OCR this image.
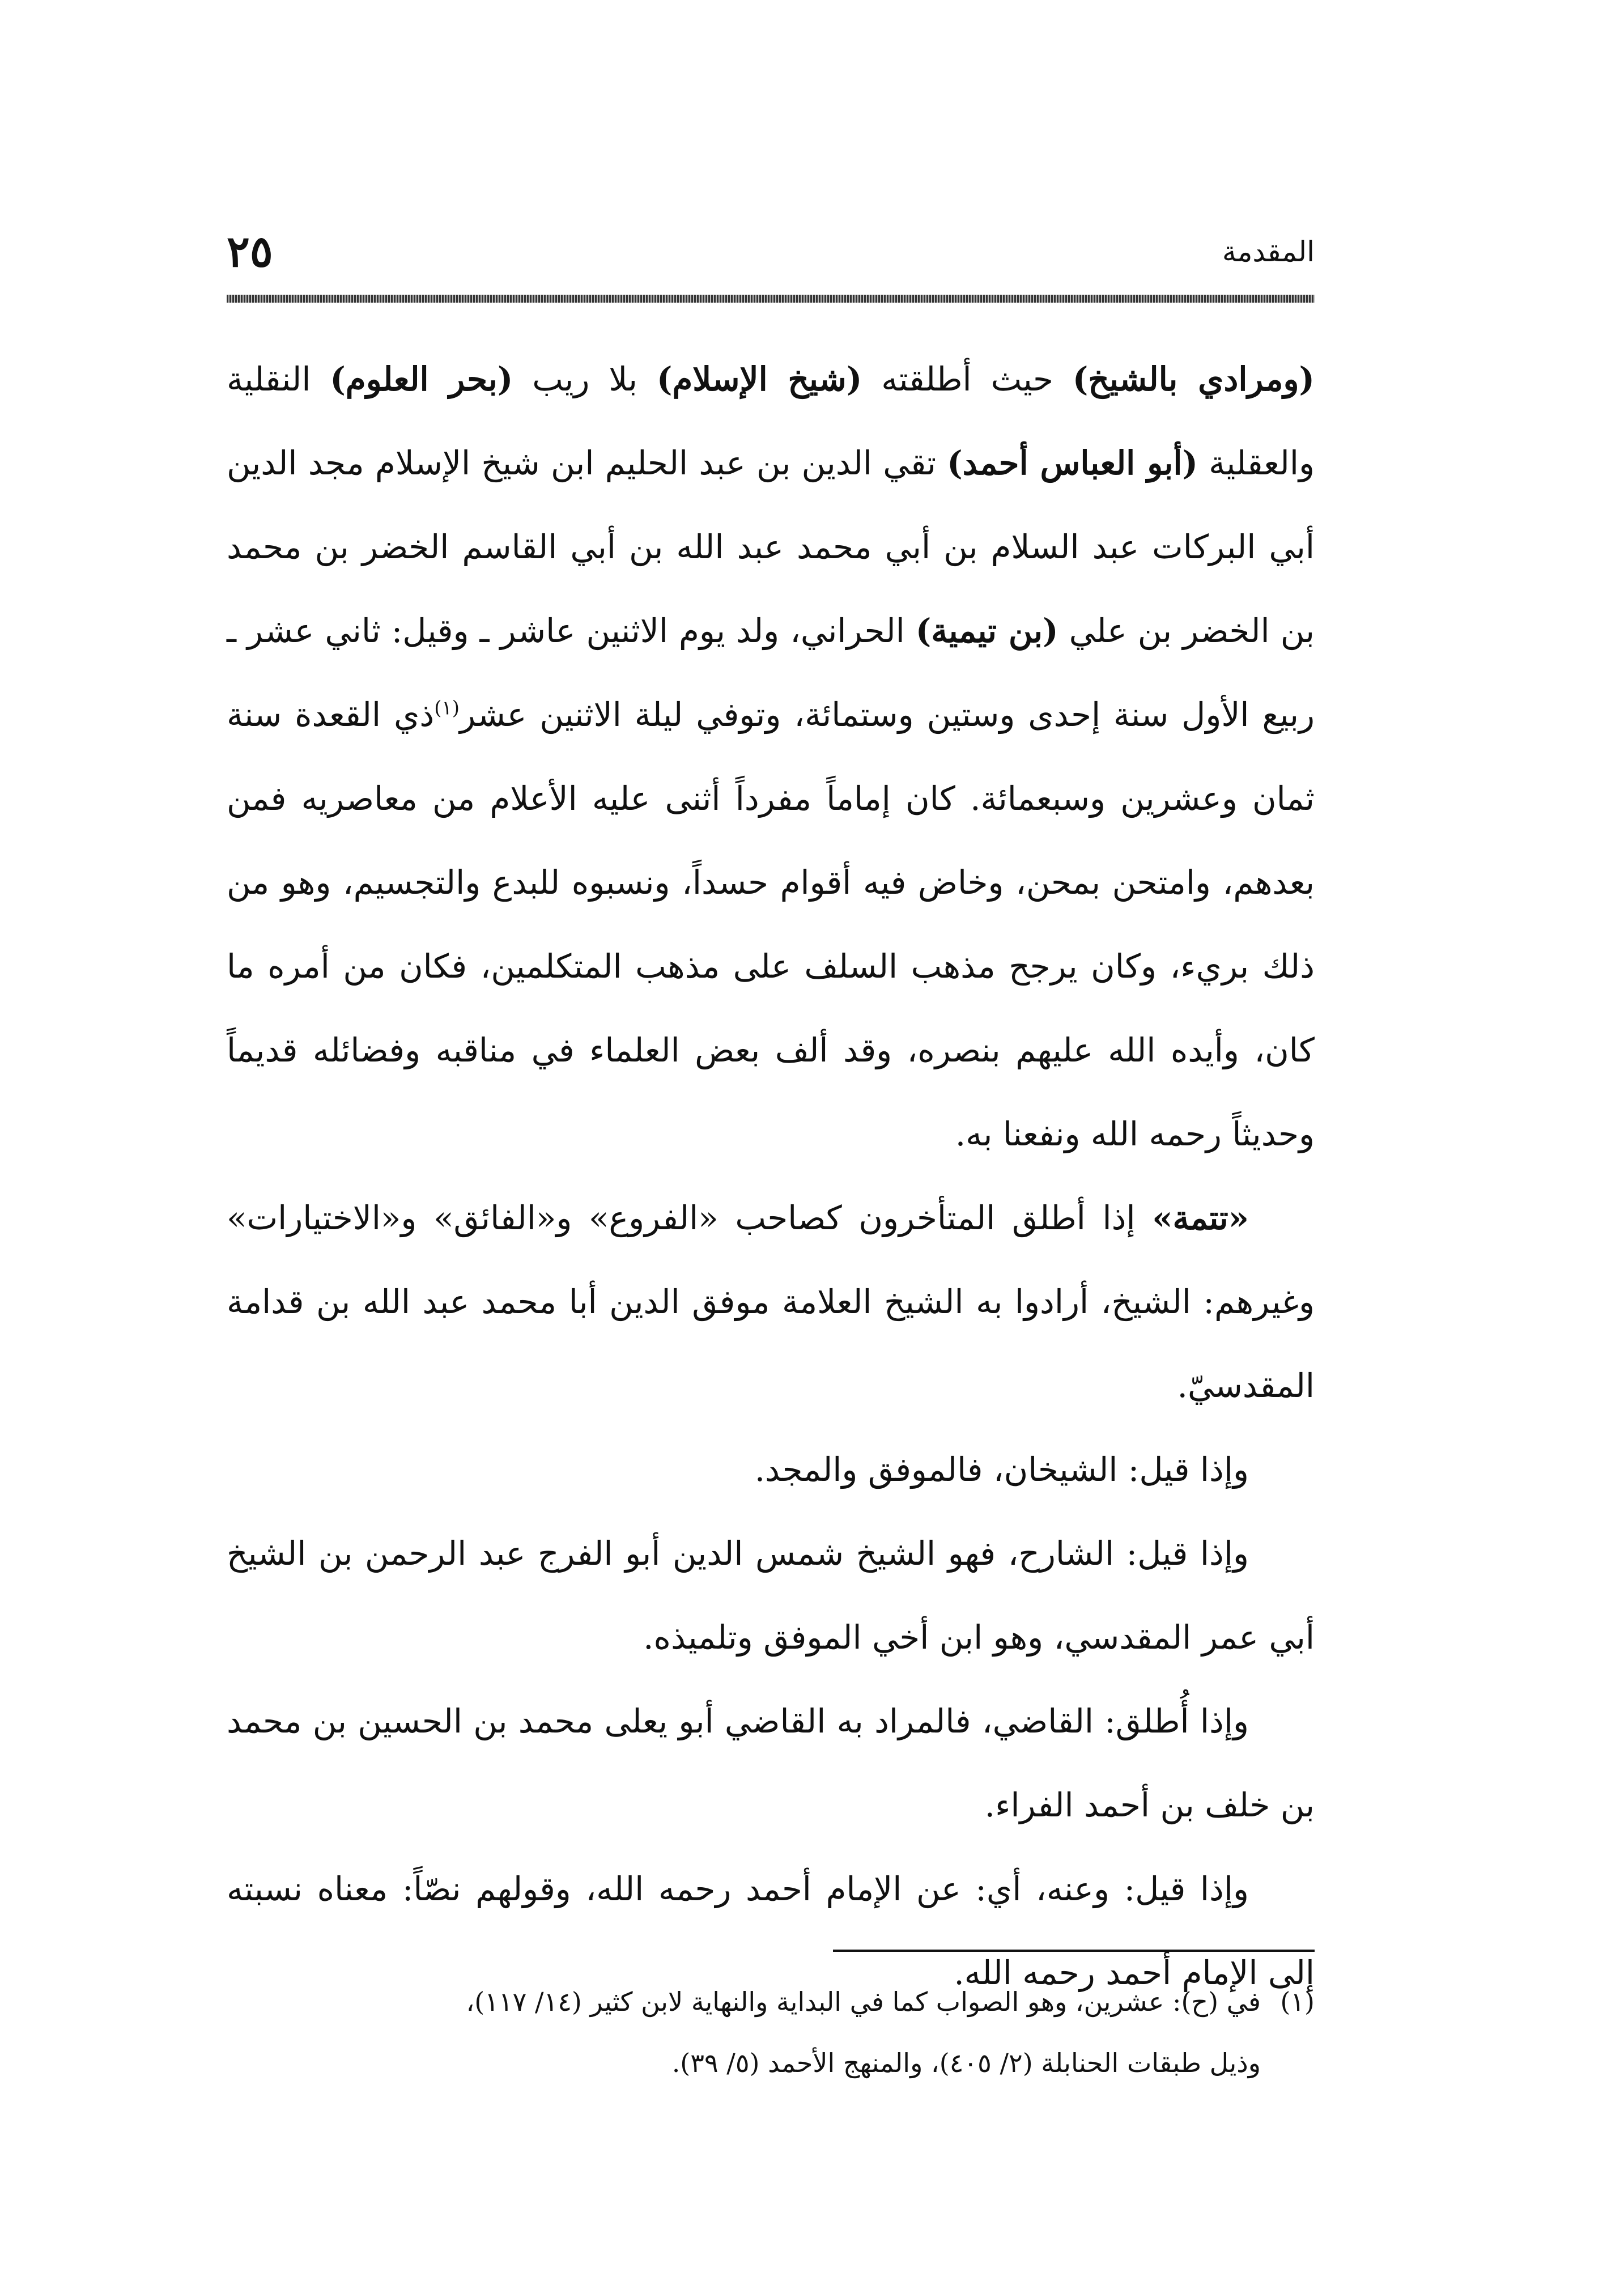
المقدمة
٢٥

(ومرادي بالشيخ) حيث أطلقته (شيخ الإسلام) بلا ريب (بحر العلوم) النقلية والعقلية (أبو العباس أحمد) تقي الدين بن عبد الحليم ابن شيخ الإسلام مجد الدين أبي البركات عبد السلام بن أبي محمد عبد الله بن أبي القاسم الخضر بن محمد بن الخضر بن علي (بن تيمية) الحراني، ولد يوم الاثنين عاشر ـ وقيل: ثاني عشر ـ ربيع الأول سنة إحدى وستين وستمائة، وتوفي ليلة الاثنين عشر$^{(١)}$ذي القعدة سنة ثمان وعشرين وسبعمائة. كان إماماً مفرداً أثنى عليه الأعلام من معاصريه فمن بعدهم، وامتحن بمحن، وخاض فيه أقوام حسداً، ونسبوه للبدع والتجسيم، وهو من ذلك بريء، وكان يرجح مذهب السلف على مذهب المتكلمين، فكان من أمره ما كان، وأيده الله عليهم بنصره، وقد ألف بعض العلماء في مناقبه وفضائله قديماً وحديثاً رحمه الله ونفعنا به.

  «تتمة» إذا أطلق المتأخرون كصاحب «الفروع» و«الفائق» و«الاختيارات» وغيرهم: الشيخ، أرادوا به الشيخ العلامة موفق الدين أبا محمد عبد الله بن قدامة المقدسيّ.

  وإذا قيل: الشيخان، فالموفق والمجد.

  وإذا قيل: الشارح، فهو الشيخ شمس الدين أبو الفرج عبد الرحمن بن الشيخ أبي عمر المقدسي، وهو ابن أخي الموفق وتلميذه.

  وإذا أُطلق: القاضي، فالمراد به القاضي أبو يعلى محمد بن الحسين بن محمد بن خلف بن أحمد الفراء.

  وإذا قيل: وعنه، أي: عن الإمام أحمد رحمه الله، وقولهم نصّاً: معناه نسبته إلى الإمام أحمد رحمه الله.

(١)في (ح): عشرين، وهو الصواب كما في البداية والنهاية لابن كثير (١٤/ ١١٧)،
وذيل طبقات الحنابلة (٢/ ٤٠٥)، والمنهج الأحمد (٥/ ٣٩).
